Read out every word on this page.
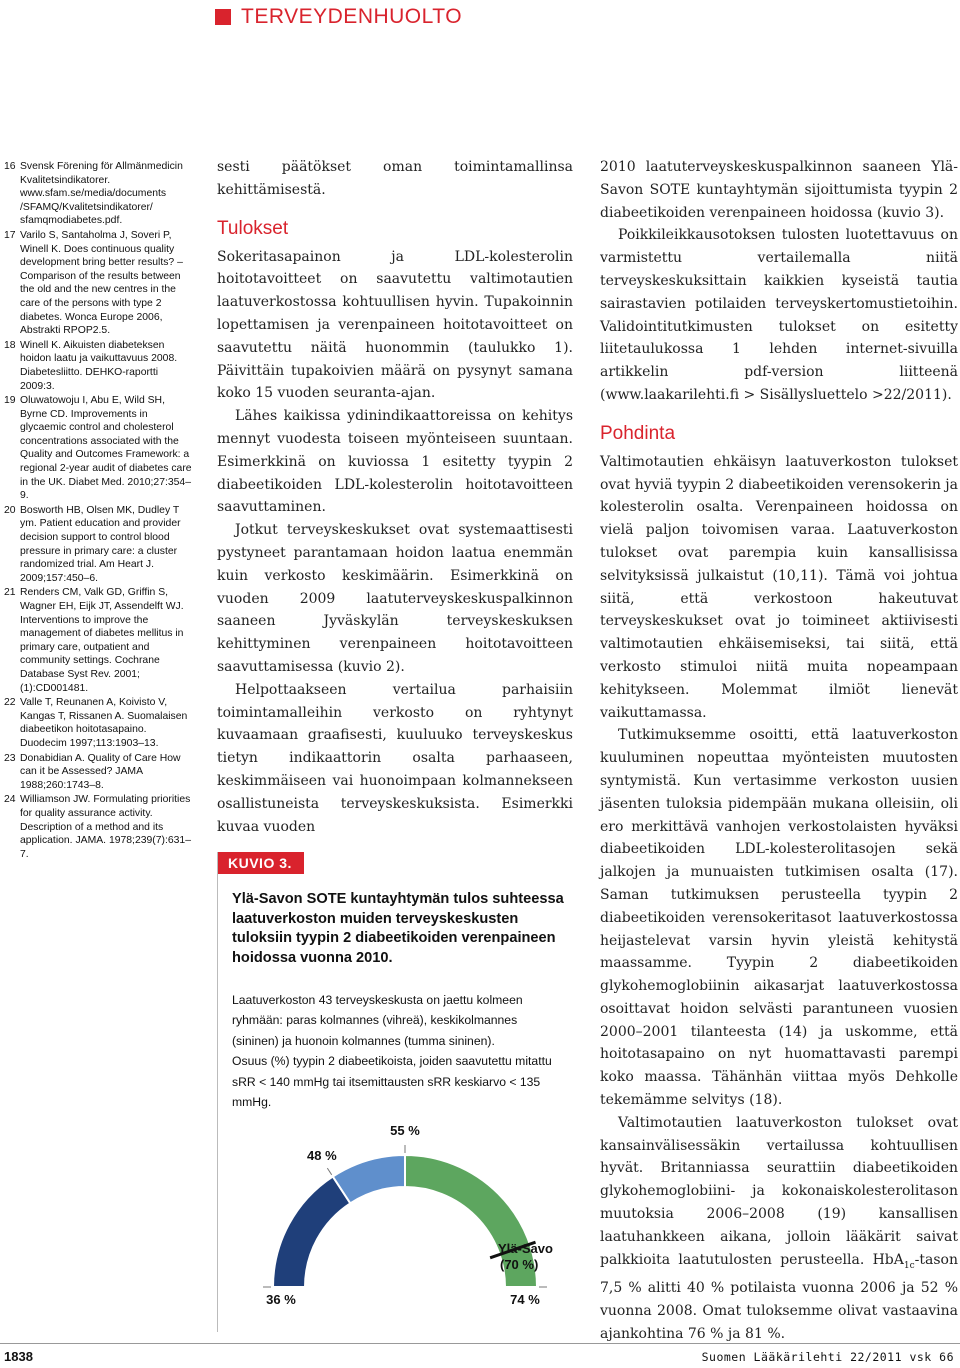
TERVEYDENHUOLTO
16 Svensk Förening för Allmänmedicin Kvalitetsindikatorer. www.sfam.se/media/documents /SFAMQ/Kvalitetsindikatorer/ sfamqmodiabetes.pdf.
17 Varilo S, Santaholma J, Soveri P, Winell K. Does continuous quality development bring better results? – Comparison of the results between the old and the new centres in the care of the persons with type 2 diabetes. Wonca Europe 2006, Abstrakti RPOP2.5.
18 Winell K. Aikuisten diabeteksen hoidon laatu ja vaikuttavuus 2008. Diabetesliitto. DEHKO-raportti 2009:3.
19 Oluwatowoju I, Abu E, Wild SH, Byrne CD. Improvements in glycaemic control and cholesterol concentrations associated with the Quality and Outcomes Framework: a regional 2-year audit of diabetes care in the UK. Diabet Med. 2010;27:354–9.
20 Bosworth HB, Olsen MK, Dudley T ym. Patient education and provider decision support to control blood pressure in primary care: a cluster randomized trial. Am Heart J. 2009;157:450–6.
21 Renders CM, Valk GD, Griffin S, Wagner EH, Eijk JT, Assendelft WJ. Interventions to improve the management of diabetes mellitus in primary care, outpatient and community settings. Cochrane Database Syst Rev. 2001;(1):CD001481.
22 Valle T, Reunanen A, Koivisto V, Kangas T, Rissanen A. Suomalaisen diabeetikon hoitotasapaino. Duodecim 1997;113:1903–13.
23 Donabidian A. Quality of Care How can it be Assessed? JAMA 1988;260:1743–8.
24 Williamson JW. Formulating priorities for quality assurance activity. Description of a method and its application. JAMA. 1978;239(7):631–7.

sesti päätökset oman toimintamallinsa kehittämisestä.

Tulokset

Sokeritasapainon ja LDL-kolesterolin hoitotavoitteet on saavutettu valtimotautien laatuverkostossa kohtuullisen hyvin. Tupakoinnin lopettamisen ja verenpaineen hoitotavoitteet on saavutettu näitä huonommin (taulukko 1). Päivittäin tupakoivien määrä on pysynyt samana koko 15 vuoden seuranta-ajan.

Lähes kaikissa ydinindikaattoreissa on kehitys mennyt vuodesta toiseen myönteiseen suuntaan. Esimerkkinä on kuviossa 1 esitetty tyypin 2 diabeetikoiden LDL-kolesterolin hoitotavoitteen saavuttaminen.

Jotkut terveyskeskukset ovat systemaattisesti pystyneet parantamaan hoidon laatua enemmän kuin verkosto keskimäärin. Esimerkkinä on vuoden 2009 laatuterveyskeskuspalkinnon saaneen Jyväskylän terveyskeskuksen kehittyminen verenpaineen hoitotavoitteen saavuttamisessa (kuvio 2).

Helpottaakseen vertailua parhaisiin toimintamalleihin verkosto on ryhtynyt kuvaamaan graafisesti, kuuluuko terveyskeskus tietyn indikaattorin osalta parhaaseen, keskimmäiseen vai huonoimpaan kolmannekseen osallistuneista terveyskeskuksista. Esimerkki kuvaa vuoden

2010 laatuterveyskeskuspalkinnon saaneen Ylä-Savon SOTE kuntayhtymän sijoittumista tyypin 2 diabeetikoiden verenpaineen hoidossa (kuvio 3).

Poikkileikkausotoksen tulosten luotettavuus on varmistettu vertailemalla niitä terveyskeskuksittain kaikkien kyseistä tautia sairastavien potilaiden terveyskertomustietoihin. Validointitutkimusten tulokset on esitetty liitetaulukossa 1 lehden internet-sivuilla artikkelin pdf-version liitteenä (www.laakarilehti.fi > Sisällysluettelo >22/2011).

Pohdinta

Valtimotautien ehkäisyn laatuverkoston tulokset ovat hyviä tyypin 2 diabeetikoiden verensokerin ja kolesterolin osalta. Verenpaineen hoidossa on vielä paljon toivomisen varaa. Laatuverkoston tulokset ovat parempia kuin kansallisissa selvityksissä julkaistut (10,11). Tämä voi johtua siitä, että verkostoon hakeutuvat terveyskeskukset ovat jo toimineet aktiivisesti valtimotautien ehkäisemiseksi, tai siitä, että verkosto stimuloi niitä muita nopeampaan kehitykseen. Molemmat ilmiöt lienevät vaikuttamassa.

Tutkimuksemme osoitti, että laatuverkoston kuuluminen nopeuttaa myönteisten muutosten syntymistä. Kun vertasimme verkoston uusien jäsenten tuloksia pidempään mukana olleisiin, oli ero merkittävä vanhojen verkostolaisten hyväksi diabeetikoiden LDL-kolesterolitasojen sekä jalkojen ja munuaisten tutkimisen osalta (17). Saman tutkimuksen perusteella tyypin 2 diabeetikoiden verensokeritasot laatuverkostossa heijastelevat varsin hyvin yleistä kehitystä maassamme. Tyypin 2 diabeetikoiden glykohemoglobiinin aikasarjat laatuverkostossa osoittavat hoidon selvästi parantuneen vuosien 2000–2001 tilanteesta (14) ja uskomme, että hoitotasapaino on nyt huomattavasti parempi koko maassa. Tähänhän viittaa myös Dehkolle tekemämme selvitys (18).

Valtimotautien laatuverkoston tulokset ovat kansainvälisessäkin vertailussa kohtuullisen hyvät. Britanniassa seurattiin diabeetikoiden glykohemoglobiini- ja kokonaiskolesterolitason muutoksia 2006–2008 (19) kansallisen laatuhankkeen aikana, jolloin lääkärit saivat palkkioita laatutulosten perusteella. HbA$_{1c}$-tason 7,5 % alitti 40 % potilaista vuonna 2006 ja 52 % vuonna 2008. Omat tuloksemme olivat vastaavina ajankohtina 76 % ja 81 %.

KUVIO 3.
Ylä-Savon SOTE kuntayhtymän tulos suhteessa laatuverkoston muiden terveyskeskusten tuloksiin tyypin 2 diabeetikoiden verenpaineen hoidossa vuonna 2010.

Laatuverkoston 43 terveyskeskusta on jaettu kolmeen ryhmään: paras kolmannes (vihreä), keskikolmannes (sininen) ja huonoin kolmannes (tumma sininen).

Osuus (%) tyypin 2 diabeetikoista, joiden saavutettu mitattu sRR < 140 mmHg tai itsemittausten sRR keskiarvo < 135 mmHg.

36 %
48 %
55 %
74 %
Ylä-Savo
(70 %)
1838	Suomen Lääkärilehti 22/2011 vsk 66
